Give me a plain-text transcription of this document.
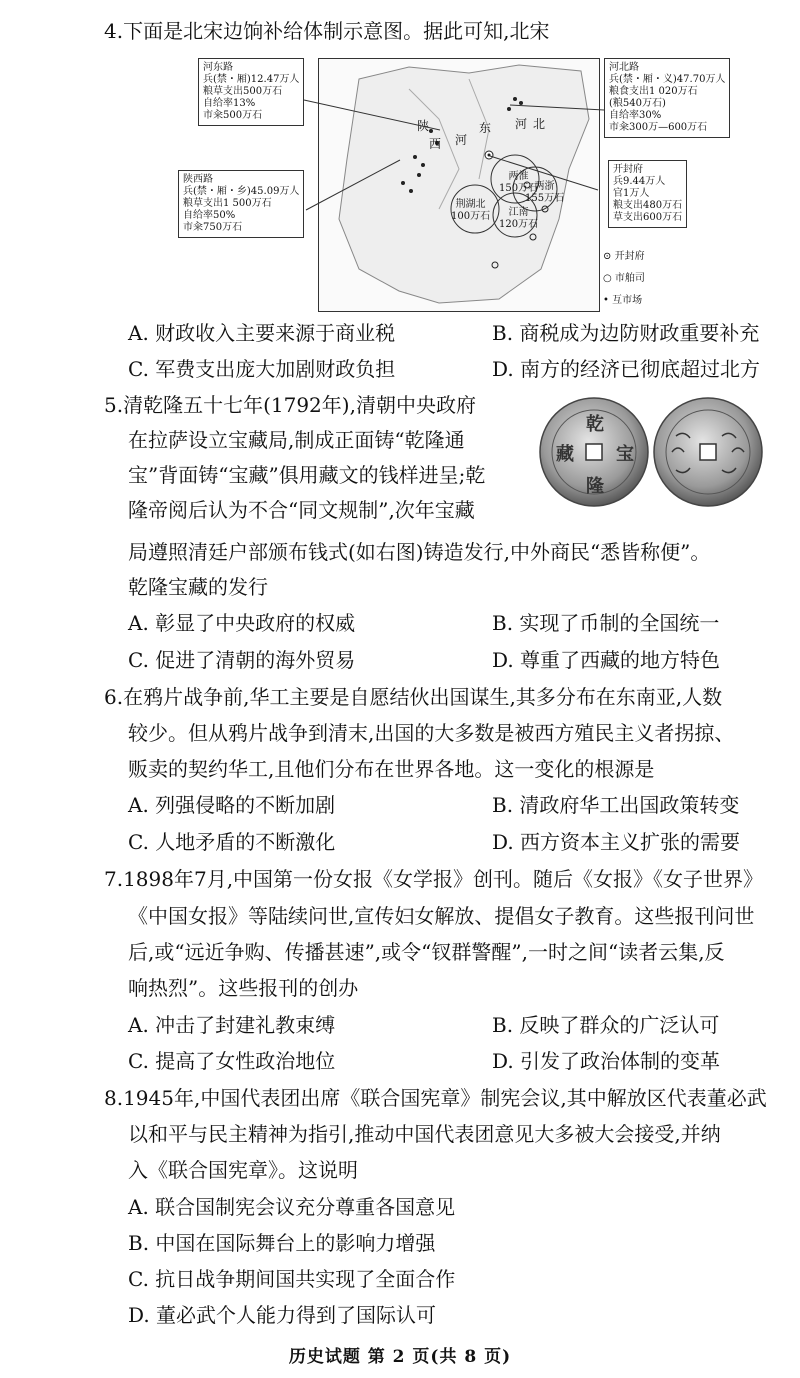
4.下面是北宋边饷补给体制示意图。据此可知,北宋
陕
西 河
东 河 北
两淮
150万石
两浙
155万石
荆湖北
100万石	江南
120万石
河东路
兵(禁・厢)12.47万人
粮草支出500万石
自给率13%
市籴500万石
河北路
兵(禁・厢・义)47.70万人
粮食支出1 020万石
(粮540万石)
自给率30%
市籴300万—600万石
陕西路
兵(禁・厢・乡)45.09万人
粮草支出1 500万石
自给率50%
市籴750万石
开封府
兵9.44万人
官1万人
粮支出480万石
草支出600万石
⊙ 开封府
○ 市舶司
• 互市场
A. 财政收入主要来源于商业税	B. 商税成为边防财政重要补充
C. 军费支出庞大加剧财政负担	D. 南方的经济已彻底超过北方
5.清乾隆五十七年(1792年),清朝中央政府
在拉萨设立宝藏局,制成正面铸“乾隆通
宝”背面铸“宝藏”俱用藏文的钱样进呈;乾
隆帝阅后认为不合“同文规制”,次年宝藏
局遵照清廷户部颁布钱式(如右图)铸造发行,中外商民“悉皆称便”。
乾隆宝藏的发行
乾
隆
宝
藏
A. 彰显了中央政府的权威	B. 实现了币制的全国统一
C. 促进了清朝的海外贸易	D. 尊重了西藏的地方特色
6.在鸦片战争前,华工主要是自愿结伙出国谋生,其多分布在东南亚,人数
较少。但从鸦片战争到清末,出国的大多数是被西方殖民主义者拐掠、
贩卖的契约华工,且他们分布在世界各地。这一变化的根源是
A. 列强侵略的不断加剧	B. 清政府华工出国政策转变
C. 人地矛盾的不断激化	D. 西方资本主义扩张的需要
7.1898年7月,中国第一份女报《女学报》创刊。随后《女报》《女子世界》
《中国女报》等陆续问世,宣传妇女解放、提倡女子教育。这些报刊问世
后,或“远近争购、传播甚速”,或令“钗群警醒”,一时之间“读者云集,反
响热烈”。这些报刊的创办
A. 冲击了封建礼教束缚	B. 反映了群众的广泛认可
C. 提高了女性政治地位	D. 引发了政治体制的变革
8.1945年,中国代表团出席《联合国宪章》制宪会议,其中解放区代表董必武
以和平与民主精神为指引,推动中国代表团意见大多被大会接受,并纳
入《联合国宪章》。这说明
A. 联合国制宪会议充分尊重各国意见
B. 中国在国际舞台上的影响力增强
C. 抗日战争期间国共实现了全面合作
D. 董必武个人能力得到了国际认可
历史试题 第 2 页(共 8 页)
